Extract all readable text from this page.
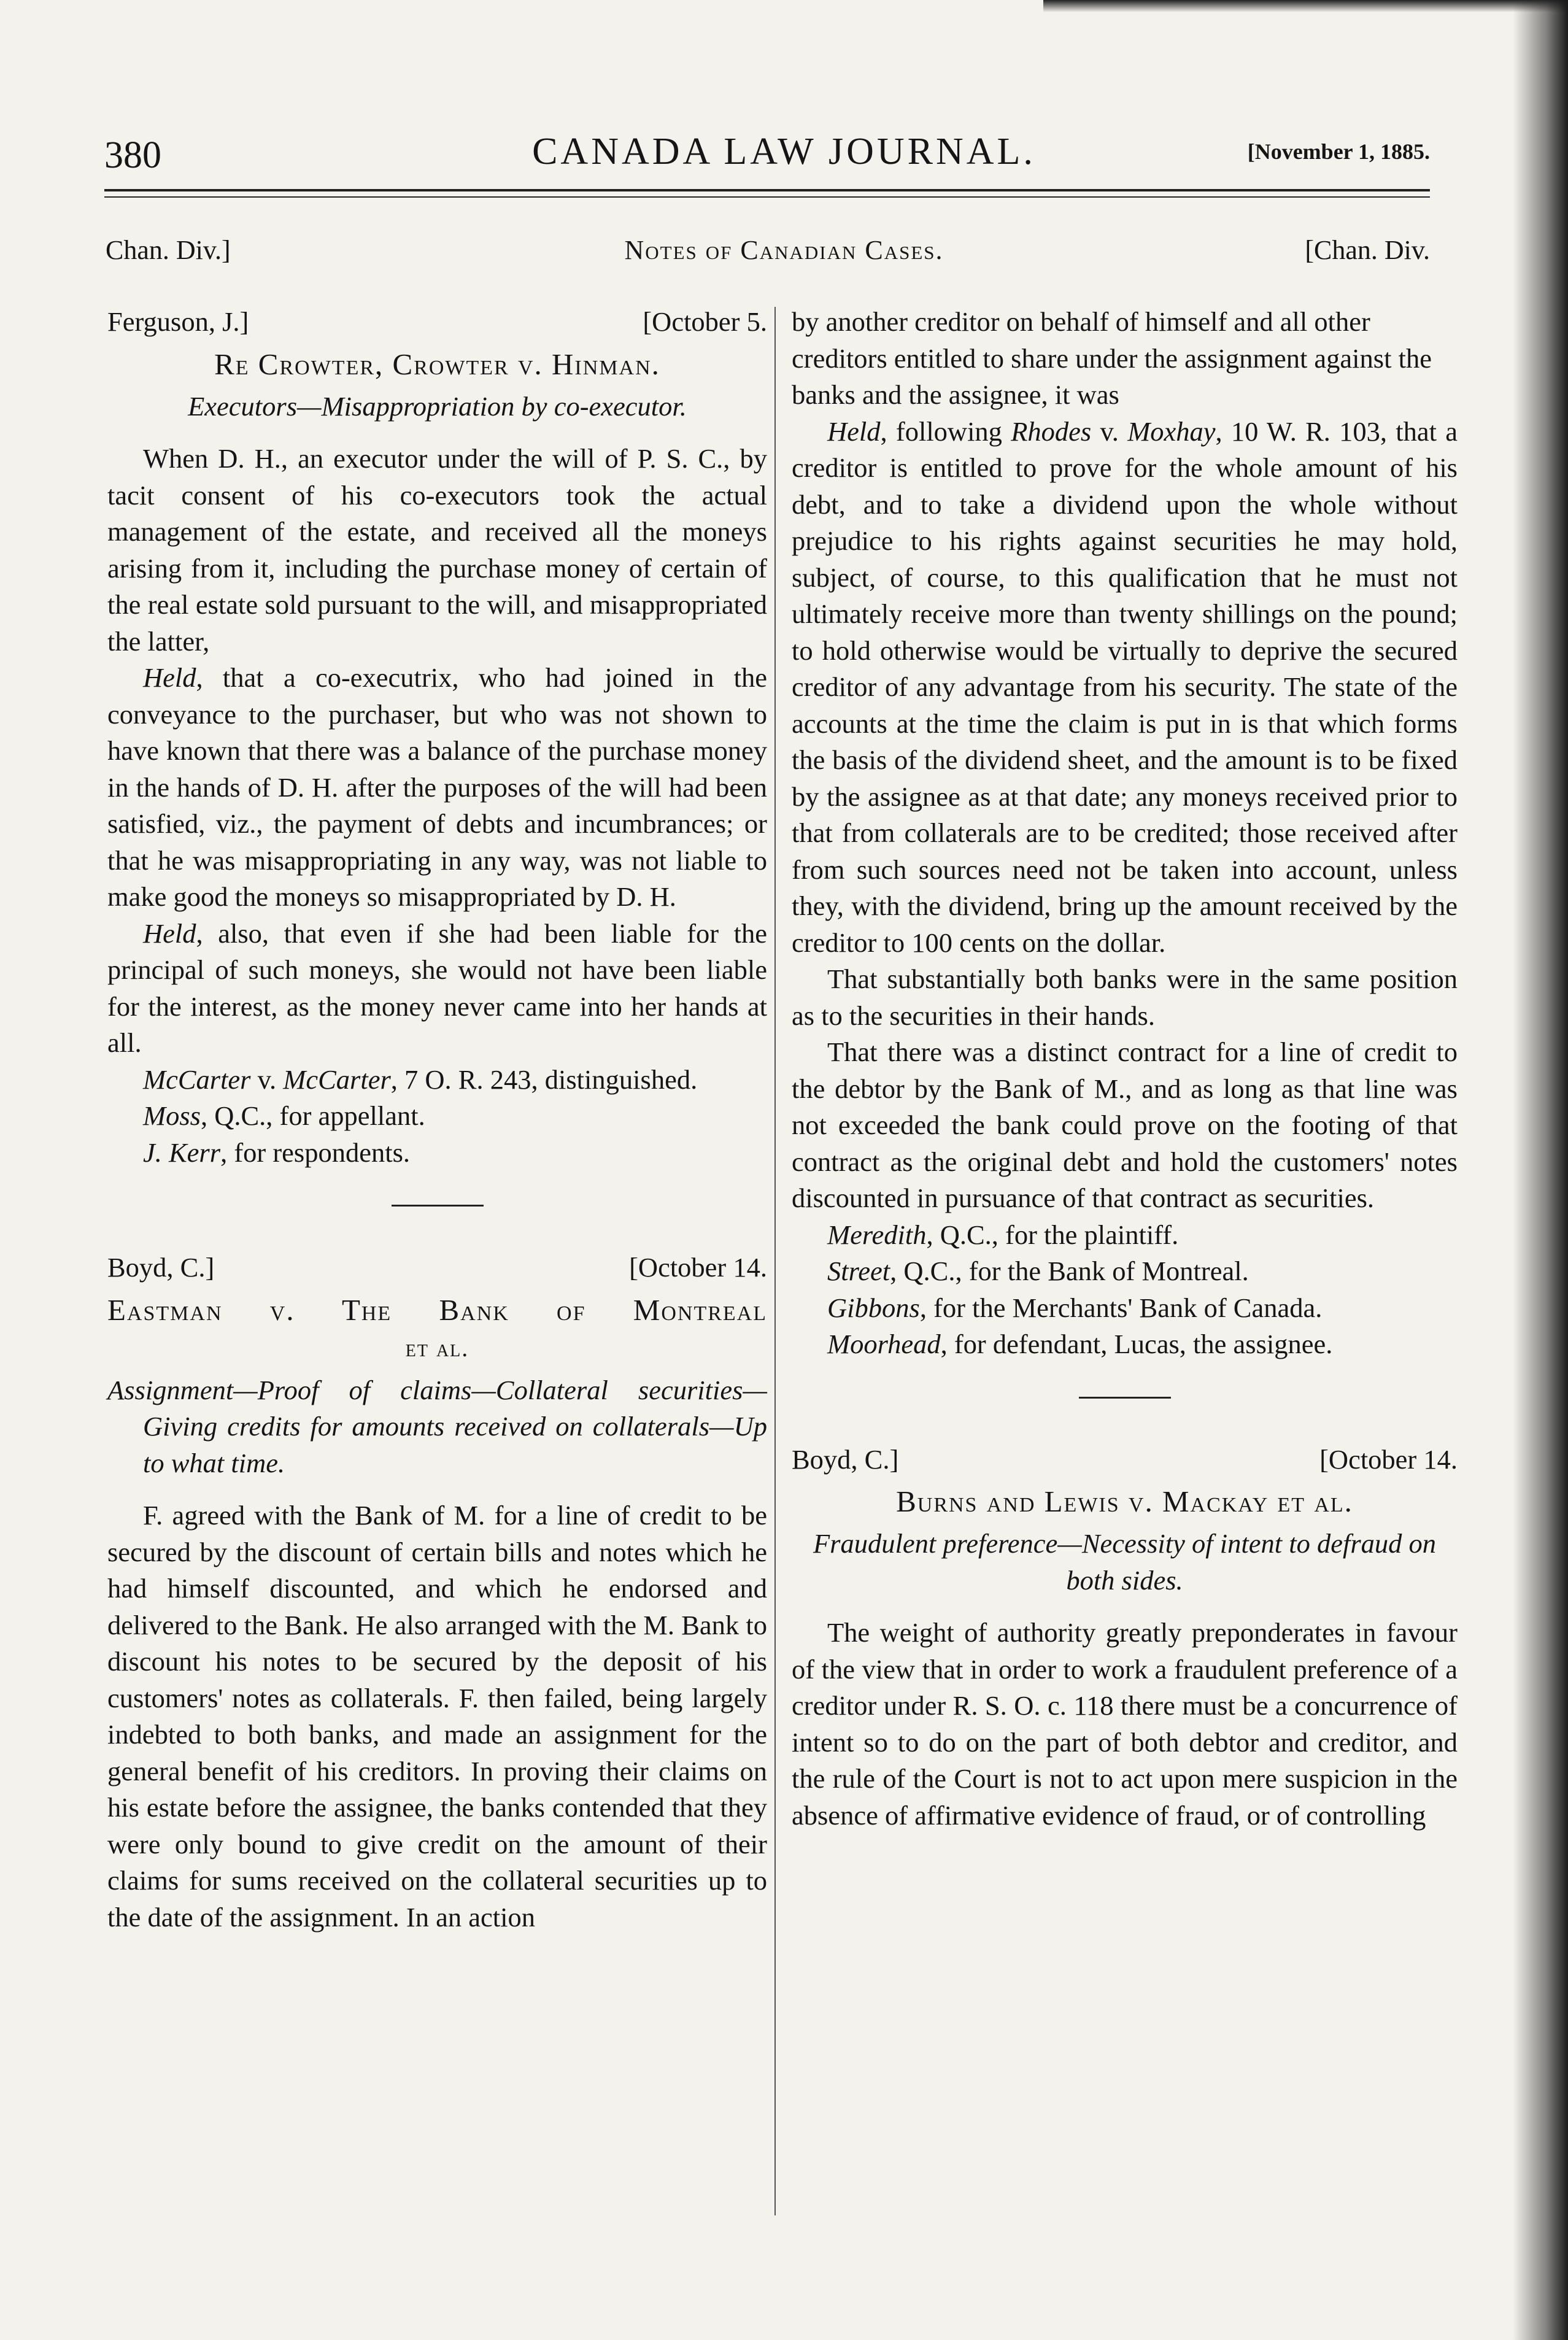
380	CANADA LAW JOURNAL.	[November 1, 1885.
Chan. Div.]	Notes of Canadian Cases.	[Chan. Div.
Ferguson, J.]	[October 5.
Re Crowter, Crowter v. Hinman.
Executors—Misappropriation by co-executor.

When D. H., an executor under the will of P. S. C., by tacit consent of his co-executors took the actual management of the estate, and received all the moneys arising from it, including the purchase money of certain of the real estate sold pursuant to the will, and misappropriated the latter,

Held, that a co-executrix, who had joined in the conveyance to the purchaser, but who was not shown to have known that there was a balance of the purchase money in the hands of D. H. after the purposes of the will had been satisfied, viz., the payment of debts and incumbrances; or that he was misappropriating in any way, was not liable to make good the moneys so misappropriated by D. H.

Held, also, that even if she had been liable for the principal of such moneys, she would not have been liable for the interest, as the money never came into her hands at all.

McCarter v. McCarter, 7 O. R. 243, distinguished.

Moss, Q.C., for appellant.

J. Kerr, for respondents.

Boyd, C.]	[October 14.
Eastman v. The Bank of Montreal
et al.
Assignment—Proof of claims—Collateral securities—Giving credits for amounts received on collaterals—Up to what time.

F. agreed with the Bank of M. for a line of credit to be secured by the discount of certain bills and notes which he had himself discounted, and which he endorsed and delivered to the Bank. He also arranged with the M. Bank to discount his notes to be secured by the deposit of his customers' notes as collaterals. F. then failed, being largely indebted to both banks, and made an assignment for the general benefit of his creditors. In proving their claims on his estate before the assignee, the banks contended that they were only bound to give credit on the amount of their claims for sums received on the collateral securities up to the date of the assignment. In an action

by another creditor on behalf of himself and all other creditors entitled to share under the assignment against the banks and the assignee, it was

Held, following Rhodes v. Moxhay, 10 W. R. 103, that a creditor is entitled to prove for the whole amount of his debt, and to take a dividend upon the whole without prejudice to his rights against securities he may hold, subject, of course, to this qualification that he must not ultimately receive more than twenty shillings on the pound; to hold otherwise would be virtually to deprive the secured creditor of any advantage from his security. The state of the accounts at the time the claim is put in is that which forms the basis of the dividend sheet, and the amount is to be fixed by the assignee as at that date; any moneys received prior to that from collaterals are to be credited; those received after from such sources need not be taken into account, unless they, with the dividend, bring up the amount received by the creditor to 100 cents on the dollar.

That substantially both banks were in the same position as to the securities in their hands.

That there was a distinct contract for a line of credit to the debtor by the Bank of M., and as long as that line was not exceeded the bank could prove on the footing of that contract as the original debt and hold the customers' notes discounted in pursuance of that contract as securities.

Meredith, Q.C., for the plaintiff.

Street, Q.C., for the Bank of Montreal.

Gibbons, for the Merchants' Bank of Canada.

Moorhead, for defendant, Lucas, the assignee.

Boyd, C.]	[October 14.
Burns and Lewis v. Mackay et al.
Fraudulent preference—Necessity of intent to defraud on both sides.

The weight of authority greatly preponderates in favour of the view that in order to work a fraudulent preference of a creditor under R. S. O. c. 118 there must be a concurrence of intent so to do on the part of both debtor and creditor, and the rule of the Court is not to act upon mere suspicion in the absence of affirmative evidence of fraud, or of controlling
